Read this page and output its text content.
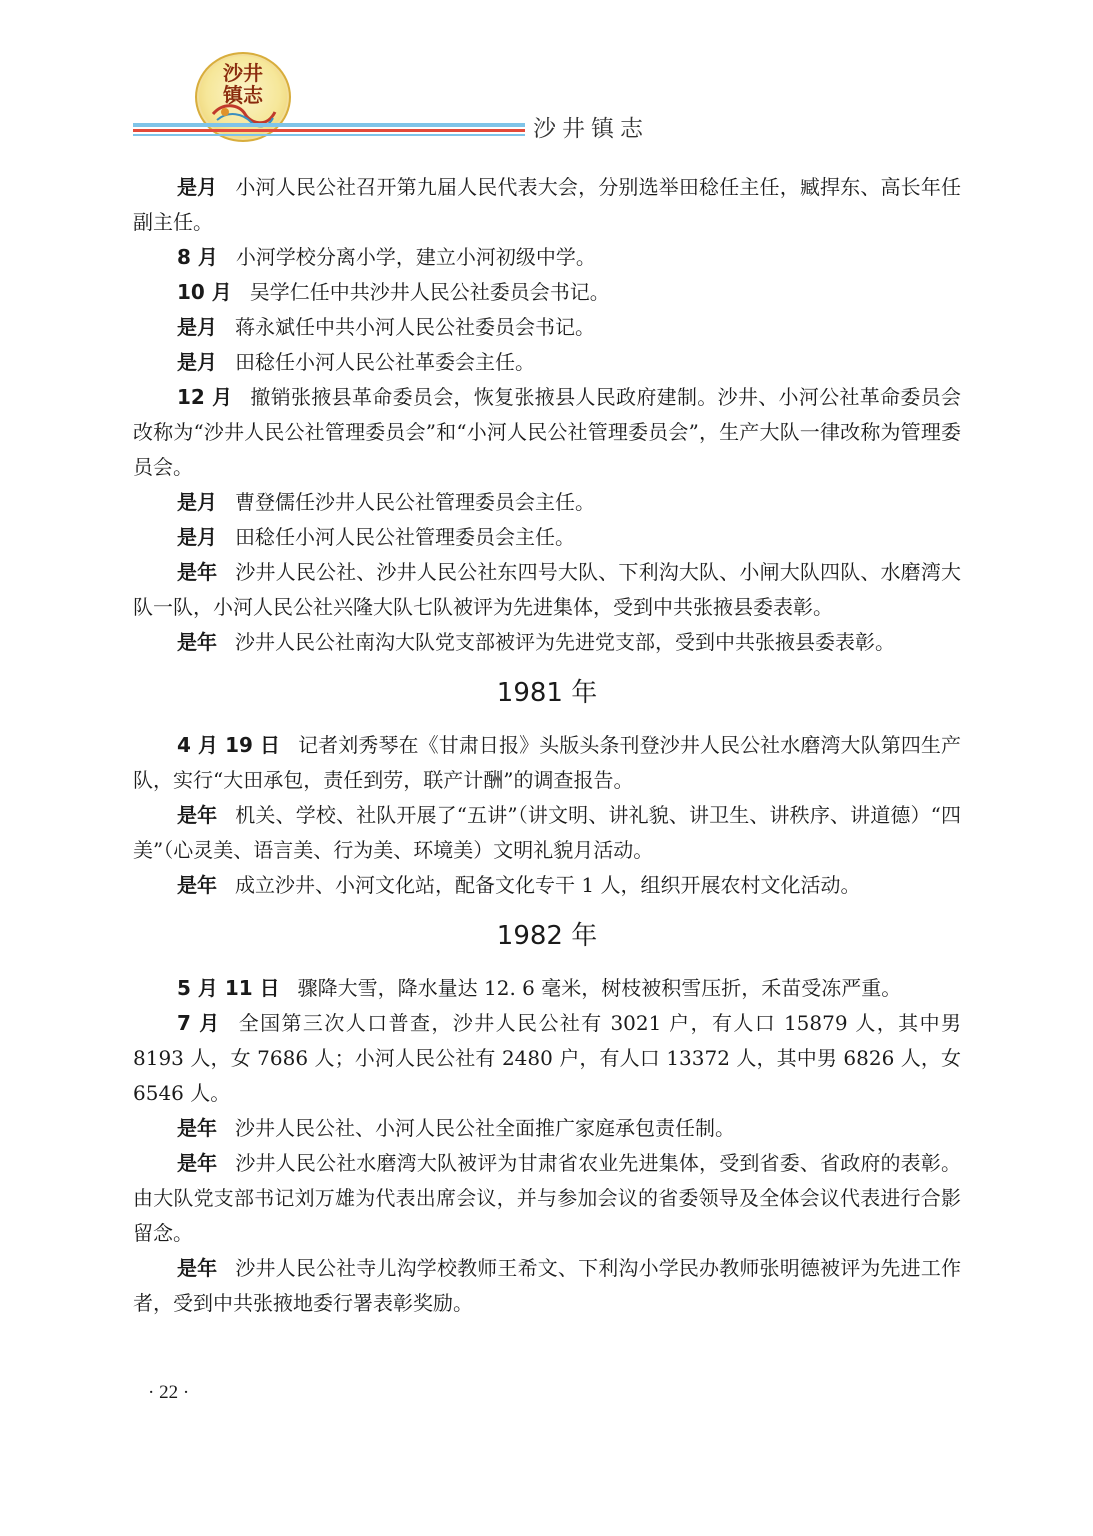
沙井
镇志
沙井镇志

是月 小河人民公社召开第九届人民代表大会，分别选举田稔任主任，臧捍东、高长年任副主任。

8 月 小河学校分离小学，建立小河初级中学。

10 月 吴学仁任中共沙井人民公社委员会书记。

是月 蒋永斌任中共小河人民公社委员会书记。

是月 田稔任小河人民公社革委会主任。

12 月 撤销张掖县革命委员会，恢复张掖县人民政府建制。沙井、小河公社革命委员会改称为“沙井人民公社管理委员会”和“小河人民公社管理委员会”，生产大队一律改称为管理委员会。

是月 曹登儒任沙井人民公社管理委员会主任。

是月 田稔任小河人民公社管理委员会主任。

是年 沙井人民公社、沙井人民公社东四号大队、下利沟大队、小闸大队四队、水磨湾大队一队，小河人民公社兴隆大队七队被评为先进集体，受到中共张掖县委表彰。

是年 沙井人民公社南沟大队党支部被评为先进党支部，受到中共张掖县委表彰。

1981 年

4 月 19 日 记者刘秀琴在《甘肃日报》头版头条刊登沙井人民公社水磨湾大队第四生产队，实行“大田承包，责任到劳，联产计酬”的调查报告。

是年 机关、学校、社队开展了“五讲”（讲文明、讲礼貌、讲卫生、讲秩序、讲道德）“四美”（心灵美、语言美、行为美、环境美）文明礼貌月活动。

是年 成立沙井、小河文化站，配备文化专干 1 人，组织开展农村文化活动。

1982 年

5 月 11 日 骤降大雪，降水量达 12. 6 毫米，树枝被积雪压折，禾苗受冻严重。

7 月 全国第三次人口普查，沙井人民公社有 3021 户，有人口 15879 人，其中男 8193 人，女 7686 人；小河人民公社有 2480 户，有人口 13372 人，其中男 6826 人，女 6546 人。

是年 沙井人民公社、小河人民公社全面推广家庭承包责任制。

是年 沙井人民公社水磨湾大队被评为甘肃省农业先进集体，受到省委、省政府的表彰。由大队党支部书记刘万雄为代表出席会议，并与参加会议的省委领导及全体会议代表进行合影留念。

是年 沙井人民公社寺儿沟学校教师王希文、下利沟小学民办教师张明德被评为先进工作者，受到中共张掖地委行署表彰奖励。

· 22 ·
